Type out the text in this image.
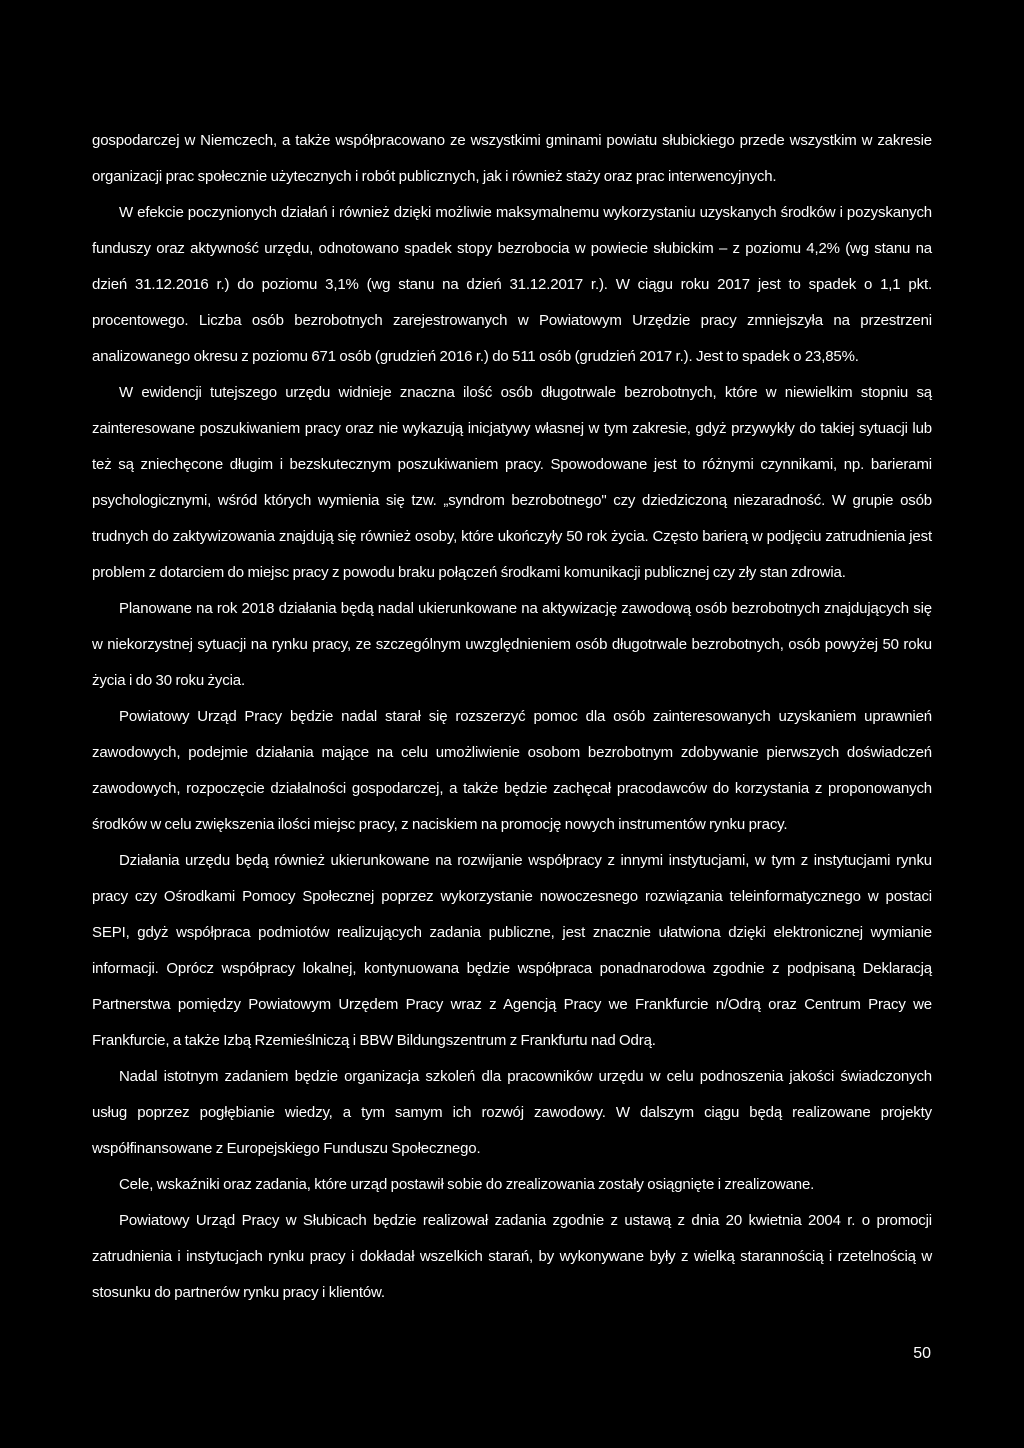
gospodarczej w Niemczech, a także współpracowano ze wszystkimi gminami powiatu słubickiego przede wszystkim w zakresie organizacji prac społecznie użytecznych i robót publicznych, jak i również staży oraz prac interwencyjnych.

W efekcie poczynionych działań i również dzięki możliwie maksymalnemu wykorzystaniu uzyskanych środków i pozyskanych funduszy oraz aktywność urzędu, odnotowano spadek stopy bezrobocia w powiecie słubickim – z poziomu 4,2% (wg stanu na dzień 31.12.2016 r.) do poziomu 3,1% (wg stanu na dzień 31.12.2017 r.). W ciągu roku 2017 jest to spadek o 1,1 pkt. procentowego. Liczba osób bezrobotnych zarejestrowanych w Powiatowym Urzędzie pracy zmniejszyła na przestrzeni analizowanego okresu z poziomu 671 osób (grudzień 2016 r.) do 511 osób (grudzień 2017 r.). Jest to spadek o 23,85%.

W ewidencji tutejszego urzędu widnieje znaczna ilość osób długotrwale bezrobotnych, które w niewielkim stopniu są zainteresowane poszukiwaniem pracy oraz nie wykazują inicjatywy własnej w tym zakresie, gdyż przywykły do takiej sytuacji lub też są zniechęcone długim i bezskutecznym poszukiwaniem pracy. Spowodowane jest to różnymi czynnikami, np. barierami psychologicznymi, wśród których wymienia się tzw. „syndrom bezrobotnego" czy dziedziczoną niezaradność. W grupie osób trudnych do zaktywizowania znajdują się również osoby, które ukończyły 50 rok życia. Często barierą w podjęciu zatrudnienia jest problem z dotarciem do miejsc pracy z powodu braku połączeń środkami komunikacji publicznej czy zły stan zdrowia.

Planowane na rok 2018 działania będą nadal ukierunkowane na aktywizację zawodową osób bezrobotnych znajdujących się w niekorzystnej sytuacji na rynku pracy, ze szczególnym uwzględnieniem osób długotrwale bezrobotnych, osób powyżej 50 roku życia i do 30 roku życia.

Powiatowy Urząd Pracy będzie nadal starał się rozszerzyć pomoc dla osób zainteresowanych uzyskaniem uprawnień zawodowych, podejmie działania mające na celu umożliwienie osobom bezrobotnym zdobywanie pierwszych doświadczeń zawodowych, rozpoczęcie działalności gospodarczej, a także będzie zachęcał pracodawców do korzystania z proponowanych środków w celu zwiększenia ilości miejsc pracy, z naciskiem na promocję nowych instrumentów rynku pracy.

Działania urzędu będą również ukierunkowane na rozwijanie współpracy z innymi instytucjami, w tym z instytucjami rynku pracy czy Ośrodkami Pomocy Społecznej poprzez wykorzystanie nowoczesnego rozwiązania teleinformatycznego w postaci SEPI, gdyż współpraca podmiotów realizujących zadania publiczne, jest znacznie ułatwiona dzięki elektronicznej wymianie informacji. Oprócz współpracy lokalnej, kontynuowana będzie współpraca ponadnarodowa zgodnie z podpisaną Deklaracją Partnerstwa pomiędzy Powiatowym Urzędem Pracy wraz z Agencją Pracy we Frankfurcie n/Odrą oraz Centrum Pracy we Frankfurcie, a także Izbą Rzemieślniczą i BBW Bildungszentrum z Frankfurtu nad Odrą.

Nadal istotnym zadaniem będzie organizacja szkoleń dla pracowników urzędu w celu podnoszenia jakości świadczonych usług poprzez pogłębianie wiedzy, a tym samym ich rozwój zawodowy. W dalszym ciągu będą realizowane projekty współfinansowane z Europejskiego Funduszu Społecznego.

Cele, wskaźniki oraz zadania, które urząd postawił sobie do zrealizowania zostały osiągnięte i zrealizowane.

Powiatowy Urząd Pracy w Słubicach będzie realizował zadania zgodnie z ustawą z dnia 20 kwietnia 2004 r. o promocji zatrudnienia i instytucjach rynku pracy i dokładał wszelkich starań, by wykonywane były z wielką starannością i rzetelnością w stosunku do partnerów rynku pracy i klientów.

50
